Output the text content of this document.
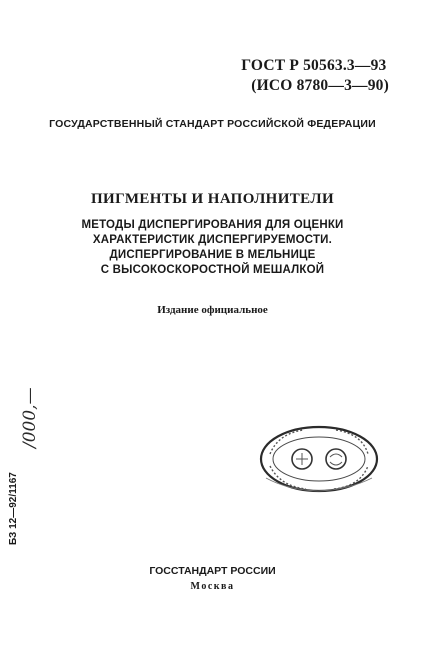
ГОСТ Р 50563.3—93
(ИСО 8780—3—90)
ГОСУДАРСТВЕННЫЙ СТАНДАРТ РОССИЙСКОЙ ФЕДЕРАЦИИ
ПИГМЕНТЫ И НАПОЛНИТЕЛИ
МЕТОДЫ ДИСПЕРГИРОВАНИЯ ДЛЯ ОЦЕНКИ
ХАРАКТЕРИСТИК ДИСПЕРГИРУЕМОСТИ.
ДИСПЕРГИРОВАНИЕ В МЕЛЬНИЦЕ
С ВЫСОКОСКОРОСТНОЙ МЕШАЛКОЙ
Издание официальное
/000,—
БЗ 12—92/1167
ГОССТАНДАРТ РОССИИ
Москва
